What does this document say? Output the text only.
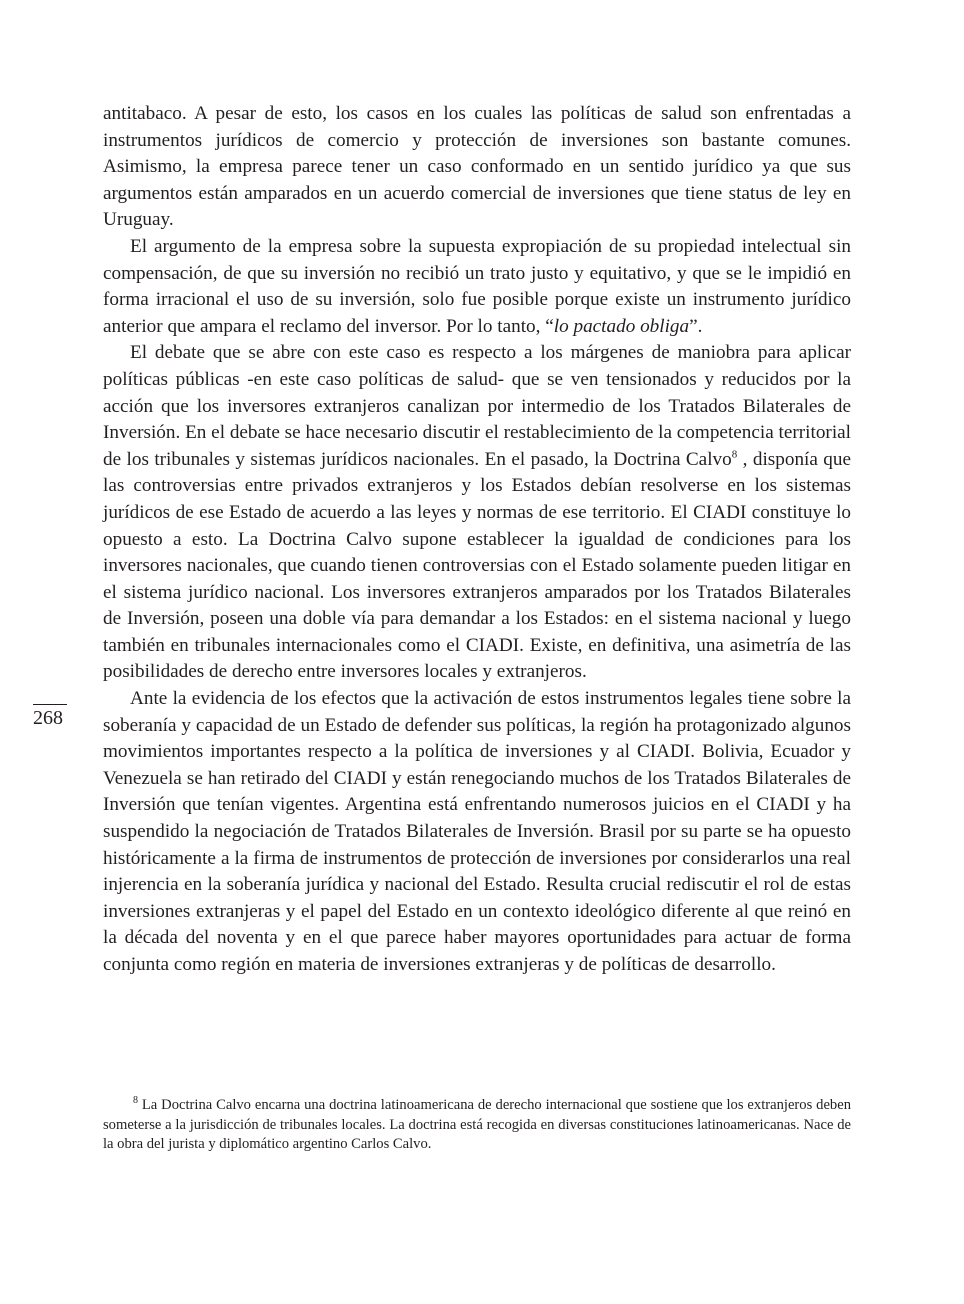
antitabaco. A pesar de esto, los casos en los cuales las políticas de salud son enfrentadas a instrumentos jurídicos de comercio y protección de inversiones son bastante comunes. Asimismo, la empresa parece tener un caso conformado en un sentido jurídico ya que sus argumentos están amparados en un acuerdo comercial de inversiones que tiene status de ley en Uruguay.

El argumento de la empresa sobre la supuesta expropiación de su propiedad intelectual sin compensación, de que su inversión no recibió un trato justo y equitativo, y que se le impidió en forma irracional el uso de su inversión, solo fue posible porque existe un instrumento jurídico anterior que ampara el reclamo del inversor. Por lo tanto, “lo pactado obliga”.

El debate que se abre con este caso es respecto a los márgenes de maniobra para aplicar políticas públicas -en este caso políticas de salud- que se ven tensionados y reducidos por la acción que los inversores extranjeros canalizan por intermedio de los Tratados Bilaterales de Inversión. En el debate se hace necesario discutir el restablecimiento de la competencia territorial de los tribunales y sistemas jurídicos nacionales. En el pasado, la Doctrina Calvo$^8$ , disponía que las controversias entre privados extranjeros y los Estados debían resolverse en los sistemas jurídicos de ese Estado de acuerdo a las leyes y normas de ese territorio. El CIADI constituye lo opuesto a esto. La Doctrina Calvo supone establecer la igualdad de condiciones para los inversores nacionales, que cuando tienen controversias con el Estado solamente pueden litigar en el sistema jurídico nacional. Los inversores extranjeros amparados por los Tratados Bilaterales de Inversión, poseen una doble vía para demandar a los Estados: en el sistema nacional y luego también en tribunales internacionales como el CIADI. Existe, en definitiva, una asimetría de las posibilidades de derecho entre inversores locales y extranjeros.

Ante la evidencia de los efectos que la activación de estos instrumentos legales tiene sobre la soberanía y capacidad de un Estado de defender sus políticas, la región ha protagonizado algunos movimientos importantes respecto a la política de inversiones y al CIADI. Bolivia, Ecuador y Venezuela se han retirado del CIADI y están renegociando muchos de los Tratados Bilaterales de Inversión que tenían vigentes. Argentina está enfrentando numerosos juicios en el CIADI y ha suspendido la negociación de Tratados Bilaterales de Inversión. Brasil por su parte se ha opuesto históricamente a la firma de instrumentos de protección de inversiones por considerarlos una real injerencia en la soberanía jurídica y nacional del Estado. Resulta crucial rediscutir el rol de estas inversiones extranjeras y el papel del Estado en un contexto ideológico diferente al que reinó en la década del noventa y en el que parece haber mayores oportunidades para actuar de forma conjunta como región en materia de inversiones extranjeras y de políticas de desarrollo.

268

$^8$ La Doctrina Calvo encarna una doctrina latinoamericana de derecho internacional que sostiene que los extranjeros deben someterse a la jurisdicción de tribunales locales. La doctrina está recogida en diversas constituciones latinoamericanas. Nace de la obra del jurista y diplomático argentino Carlos Calvo.
